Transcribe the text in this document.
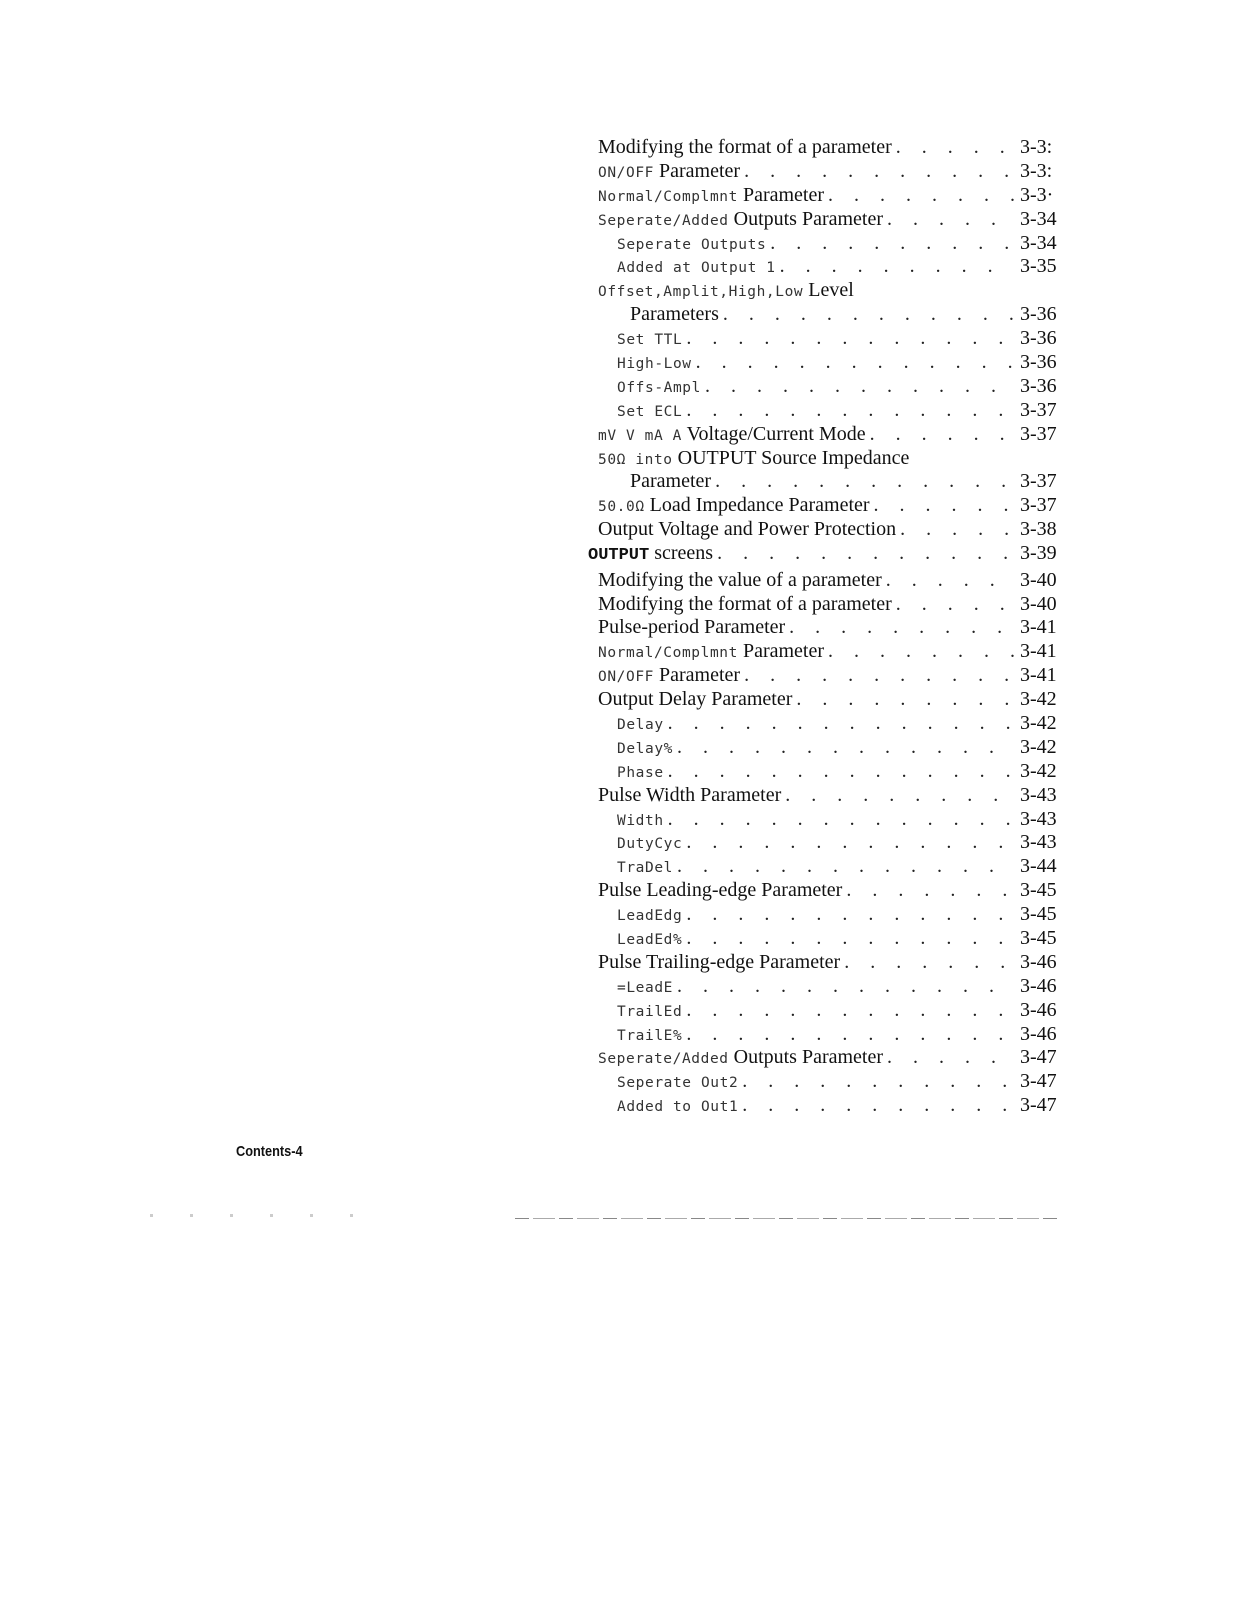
Modifying the format of a parameter . . .	3-3:
ON/OFF Parameter . . .	3-3:
Normal/Complmnt Parameter . . .	3-3·
Seperate/Added Outputs Parameter . . .	3-34
Seperate Outputs . . .	3-34
Added at Output 1 . . .	3-35
Offset,Amplit,High,Low Level
Parameters . . .	3-36
Set TTL . . .	3-36
High-Low . . .	3-36
Offs-Ampl . . .	3-36
Set ECL . . .	3-37
mV V mA A Voltage/Current Mode . . .	3-37
50Ω into OUTPUT Source Impedance
Parameter . . .	3-37
50.0Ω Load Impedance Parameter . . .	3-37
Output Voltage and Power Protection . . .	3-38
OUTPUT screens . . .	3-39
Modifying the value of a parameter . . .	3-40
Modifying the format of a parameter . . .	3-40
Pulse-period Parameter . . .	3-41
Normal/Complmnt Parameter . . .	3-41
ON/OFF Parameter . . .	3-41
Output Delay Parameter . . .	3-42
Delay . . .	3-42
Delay% . . .	3-42
Phase . . .	3-42
Pulse Width Parameter . . .	3-43
Width . . .	3-43
DutyCyc . . .	3-43
TraDel . . .	3-44
Pulse Leading-edge Parameter . . .	3-45
LeadEdg . . .	3-45
LeadEd% . . .	3-45
Pulse Trailing-edge Parameter . . .	3-46
=LeadE . . .	3-46
TrailEd . . .	3-46
TrailE% . . .	3-46
Seperate/Added Outputs Parameter . . .	3-47
Seperate Out2 . . .	3-47
Added to Out1 . . .	3-47
Contents-4
